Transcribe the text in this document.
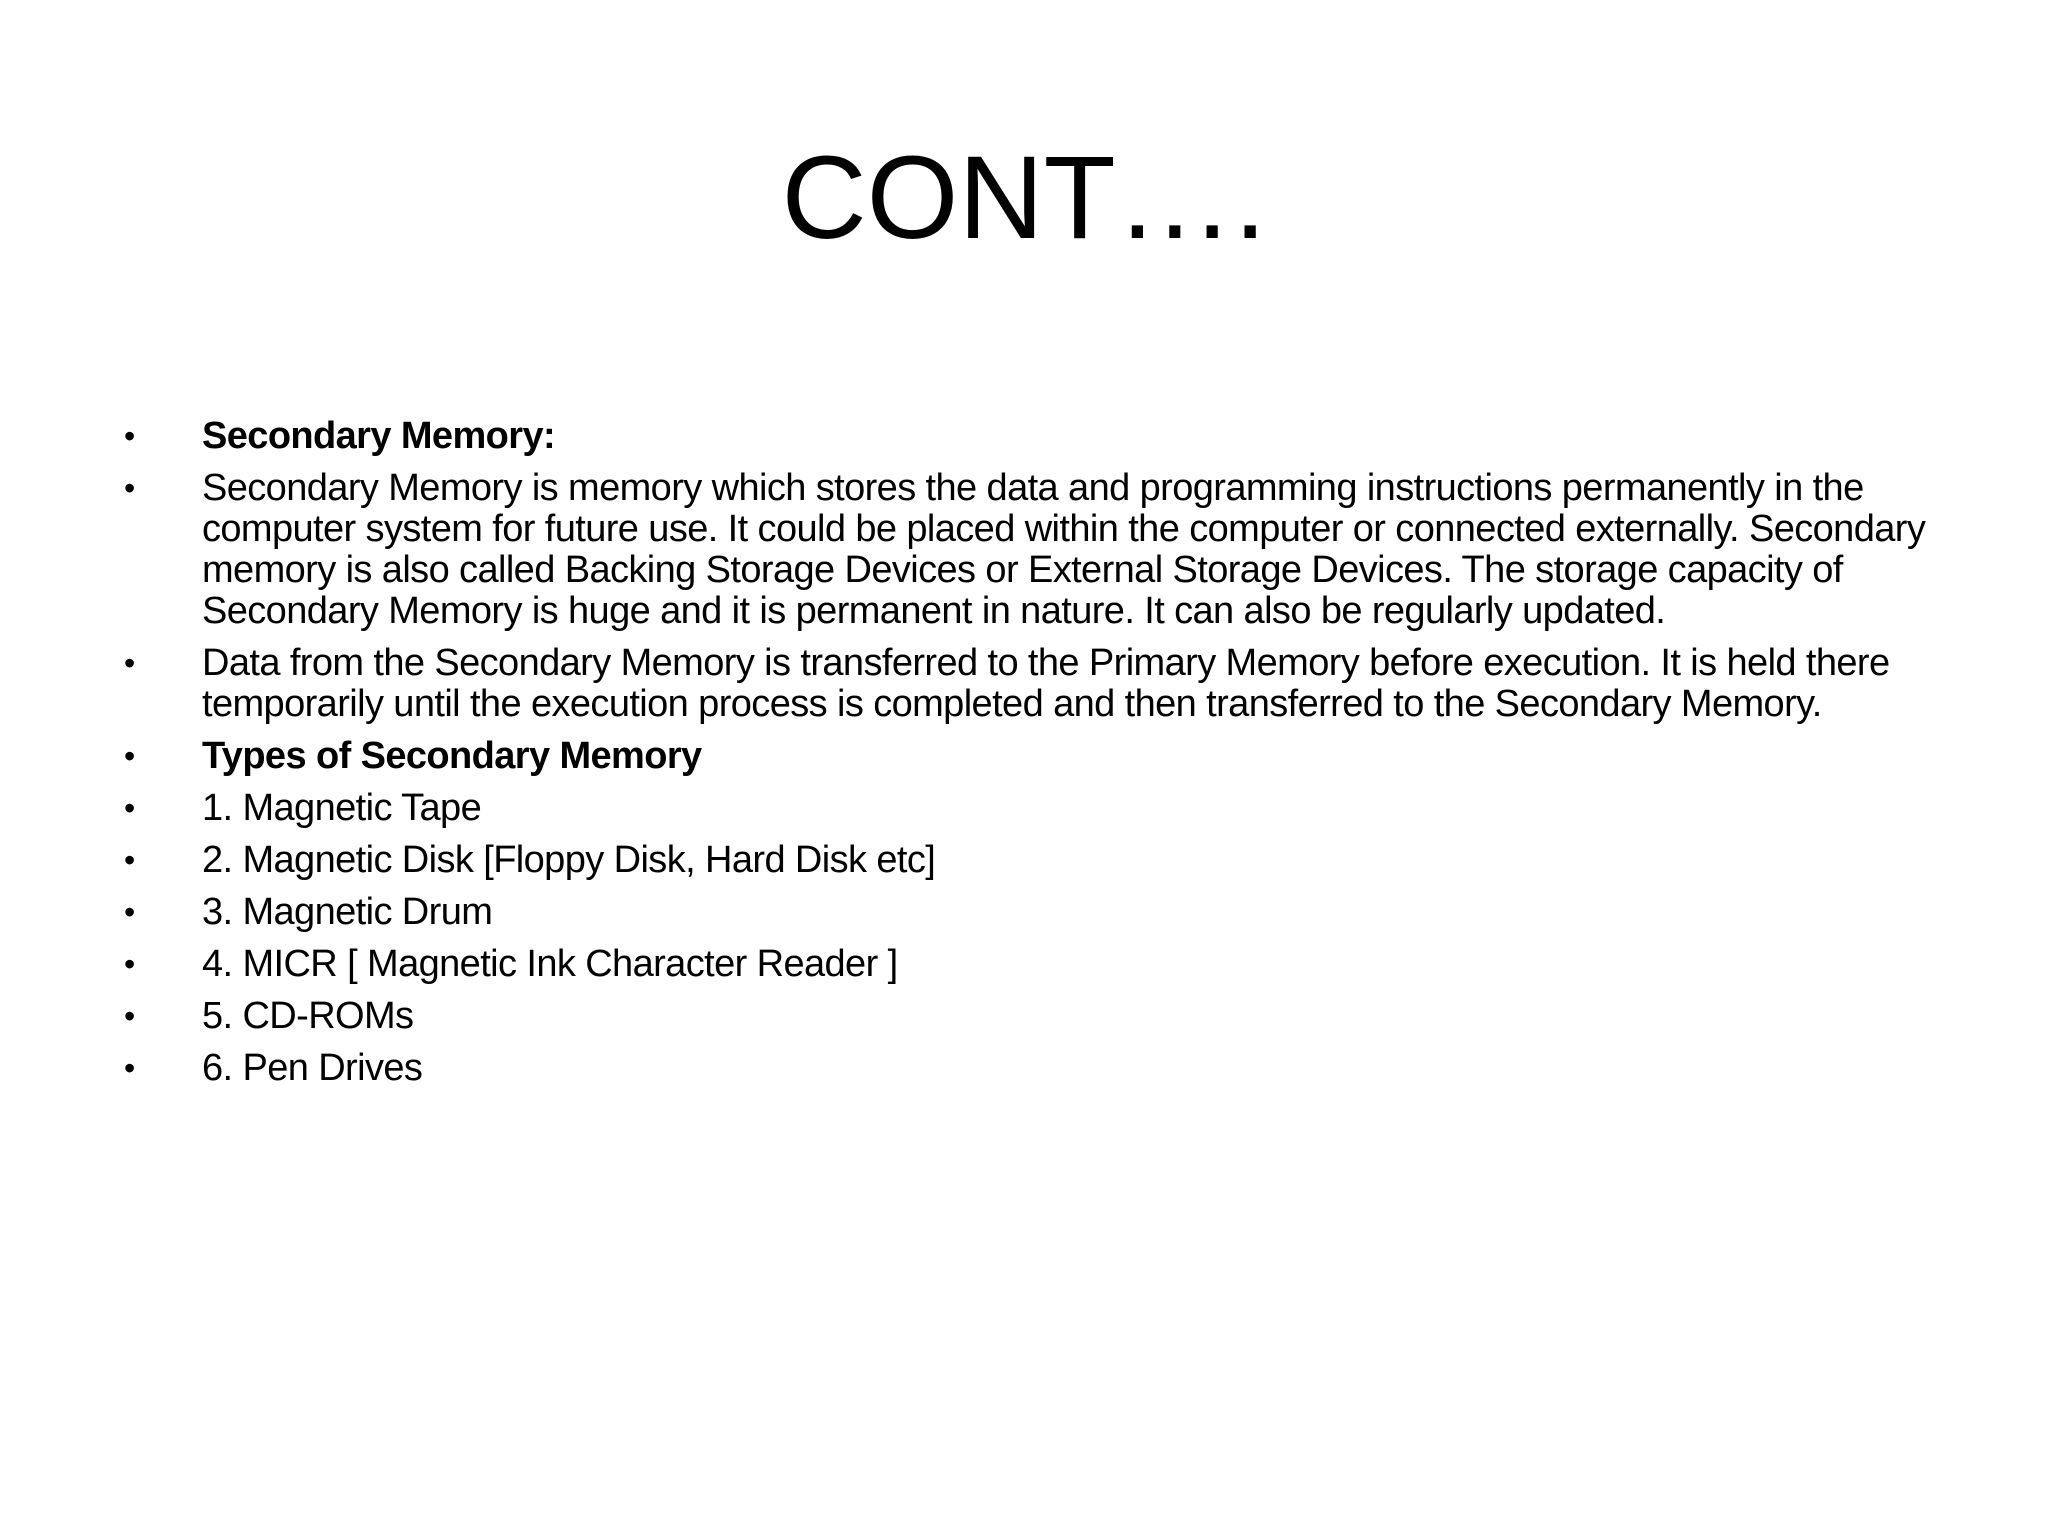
CONT….
•	Secondary Memory:
•	Secondary Memory is memory which stores the data and programming instructions permanently in the computer system for future use. It could be placed within the computer or connected externally. Secondary memory is also called Backing Storage Devices or External Storage Devices. The storage capacity of Secondary Memory is huge and it is permanent in nature. It can also be regularly updated.
•	Data from the Secondary Memory is transferred to the Primary Memory before execution. It is held there temporarily until the execution process is completed and then transferred to the Secondary Memory.
•	Types of Secondary Memory
•	1. Magnetic Tape
•	2. Magnetic Disk [Floppy Disk, Hard Disk etc]
•	3. Magnetic Drum
•	4. MICR [ Magnetic Ink Character Reader ]
•	5. CD-ROMs
•	6. Pen Drives
